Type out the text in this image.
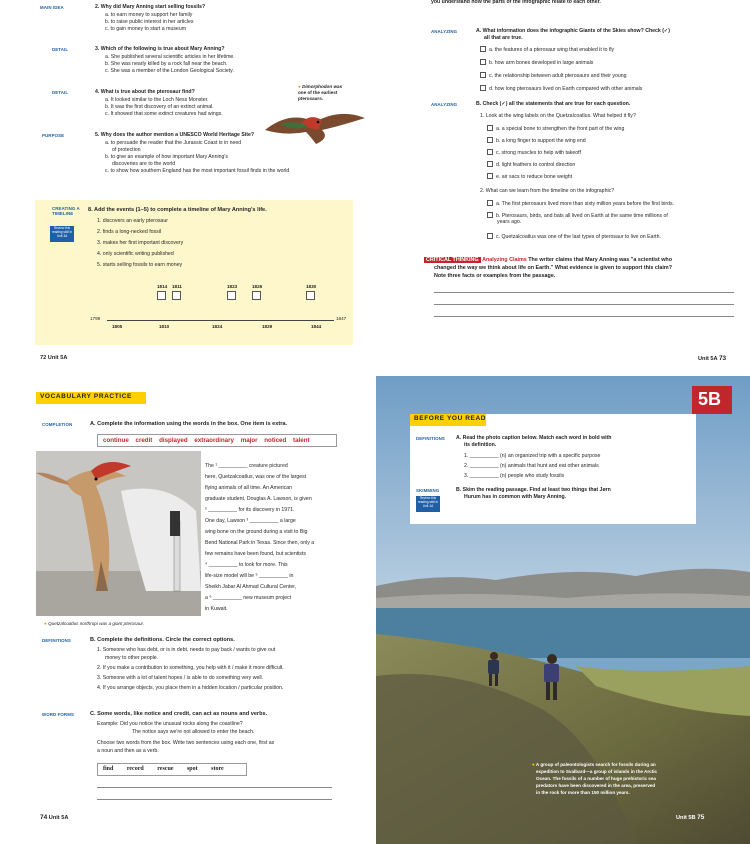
MAIN IDEA	2. Why did Mary Anning start selling fossils?
a. to earn money to support her family
b. to raise public interest in her articles
c. to gain money to start a museum
DETAIL	3. Which of the following is true about Mary Anning?
a. She published several scientific articles in her lifetime.
b. She was nearly killed by a rock fall near the beach.
c. She was a member of the London Geological Society.
DETAIL	4. What is true about the pterosaur find?
a. It looked similar to the Loch Ness Monster.
b. It was the first discovery of an extinct animal.
c. It showed that some extinct creatures had wings.
● Dimorphodon was
one of the earliest
pterosaurs.
PURPOSE	5. Why does the author mention a UNESCO World Heritage Site?
a. to persuade the reader that the Jurassic Coast is in need
of protection
b. to give an example of how important Mary Anning's
discoveries are to the world
c. to show how southern England has the most important fossil finds in the world
CREATING A TIMELINE
Review this reading skill in Unit 3A
8. Add the events (1–5) to complete a timeline of Mary Anning's life.
1. discovers an early pterosaur
2. finds a long-necked fossil
3. makes her first important discovery
4. only scientific writing published
5. starts selling fossils to earn money
1799	1847
1814 1811	1823	1826	1830
1805	1810	1824	1829	1844
72 Unit 5A
you understand how the parts of the infographic relate to each other.
ANALYZING	A. What information does the infographic Giants of the Skies show? Check (✓)
all that are true.
a. the features of a pterosaur wing that enabled it to fly
b. how arm bones developed in large animals
c. the relationship between adult pterosaurs and their young
d. how long pterosaurs lived on Earth compared with other animals
ANALYZING	B. Check (✓) all the statements that are true for each question.
1. Look at the wing labels on the Quetzalcoatlus. What helped it fly?
a. a special bone to strengthen the front part of the wing
b. a long finger to support the wing end
c. strong muscles to help with takeoff
d. light feathers to control direction
e. air sacs to reduce bone weight
2. What can we learn from the timeline on the infographic?
a. The first pterosaurs lived more than sixty million years before the first birds.
b. Pterosaurs, birds, and bats all lived on Earth at the same time millions of
years ago.
c. Quetzalcoatlus was one of the last types of pterosaur to live on Earth.
CRITICAL THINKING Analyzing Claims The writer claims that Mary Anning was "a scientist who
changed the way we think about life on Earth." What evidence is given to support this claim?
Note three facts or examples from the passage.
Unit 5A 73
VOCABULARY PRACTICE
COMPLETION	A. Complete the information using the words in the box. One item is extra.
continue credit displayed extraordinary major noticed talent
● Quetzalcoatlus northropi was a giant pterosaur.
The ¹ __________ creature pictured
here, Quetzalcoatlus, was one of the largest
flying animals of all time. An American
graduate student, Douglas A. Lawson, is given
² __________ for its discovery in 1971.
One day, Lawson ³ __________ a large
wing bone on the ground during a visit to Big
Bend National Park in Texas. Since then, only a
few remains have been found, but scientists
⁴ __________ to look for more. This
life-size model will be ⁵ __________ in
Sheikh Jabar Al Ahmad Cultural Center,
a ⁶ __________ new museum project
in Kuwait.
DEFINITIONS	B. Complete the definitions. Circle the correct options.
1. Someone who has debt, or is in debt, needs to pay back / wants to give out
money to other people.
2. If you make a contribution to something, you help with it / make it more difficult.
3. Someone with a lot of talent hopes / is able to do something very well.
4. If you arrange objects, you place them in a hidden location / particular position.
WORD FORMS	C. Some words, like notice and credit, can act as nouns and verbs.
Example: Did you notice the unusual rocks along the coastline?
The notice says we're not allowed to enter the beach.
Choose two words from the box. Write two sentences using each one, first as
a noun and then as a verb.
find record rescue spot store
74 Unit 5A
5B
BEFORE YOU READ
DEFINITIONS A. Read the photo caption below. Match each word in bold with
its definition.
1. __________ (n) an organized trip with a specific purpose
2. __________ (n) animals that hunt and eat other animals
3. __________ (n) people who study fossils
SKIMMING
Review this reading skill in Unit 1A
B. Skim the reading passage. Find at least two things that Jørn
Hurum has in common with Mary Anning.
● A group of paleontologists search for fossils during an
expedition to Svalbard—a group of islands in the Arctic
Ocean. The fossils of a number of huge prehistoric sea
predators have been discovered in the area, preserved
in the rock for more than 150 million years.
Unit 5B 75
